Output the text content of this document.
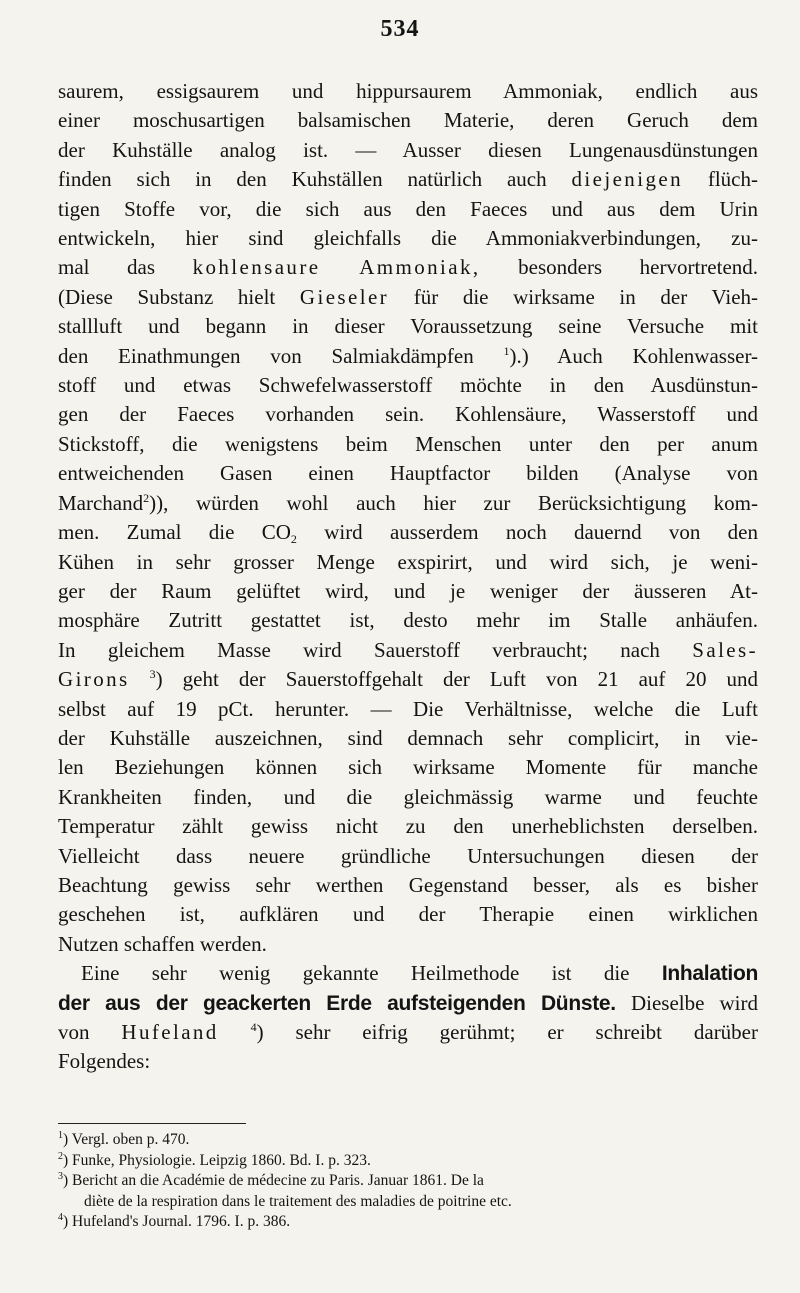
534
saurem, essigsaurem und hippursaurem Ammoniak, endlich aus
einer moschusartigen balsamischen Materie, deren Geruch dem
der Kuhställe analog ist. — Ausser diesen Lungenausdünstungen
finden sich in den Kuhställen natürlich auch diejenigen flüch-
tigen Stoffe vor, die sich aus den Faeces und aus dem Urin
entwickeln, hier sind gleichfalls die Ammoniakverbindungen, zu-
mal das kohlensaure Ammoniak, besonders hervortretend.
(Diese Substanz hielt Gieseler für die wirksame in der Vieh-
stallluft und begann in dieser Voraussetzung seine Versuche mit
den Einathmungen von Salmiakdämpfen $^1$).) Auch Kohlenwasser-
stoff und etwas Schwefelwasserstoff möchte in den Ausdünstun-
gen der Faeces vorhanden sein. Kohlensäure, Wasserstoff und
Stickstoff, die wenigstens beim Menschen unter den per anum
entweichenden Gasen einen Hauptfactor bilden (Analyse von
Marchand$^2$)), würden wohl auch hier zur Berücksichtigung kom-
men. Zumal die $CO_2$ wird ausserdem noch dauernd von den
Kühen in sehr grosser Menge exspirirt, und wird sich, je weni-
ger der Raum gelüftet wird, und je weniger der äusseren At-
mosphäre Zutritt gestattet ist, desto mehr im Stalle anhäufen.
In gleichem Masse wird Sauerstoff verbraucht; nach Sales-
Girons $^3$) geht der Sauerstoffgehalt der Luft von 21 auf 20 und
selbst auf 19 pCt. herunter. — Die Verhältnisse, welche die Luft
der Kuhställe auszeichnen, sind demnach sehr complicirt, in vie-
len Beziehungen können sich wirksame Momente für manche
Krankheiten finden, und die gleichmässig warme und feuchte
Temperatur zählt gewiss nicht zu den unerheblichsten derselben.
Vielleicht dass neuere gründliche Untersuchungen diesen der
Beachtung gewiss sehr werthen Gegenstand besser, als es bisher
geschehen ist, aufklären und der Therapie einen wirklichen
Nutzen schaffen werden.
Eine sehr wenig gekannte Heilmethode ist die Inhalation
der aus der geackerten Erde aufsteigenden Dünste. Dieselbe wird
von Hufeland	$^4$) sehr eifrig gerühmt; er schreibt darüber
Folgendes:
$^1$) Vergl. oben p. 470.
$^2$) Funke, Physiologie. Leipzig 1860. Bd. I. p. 323.
$^3$) Bericht an die Académie de médecine zu Paris. Januar 1861. De la
diète de la respiration dans le traitement des maladies de poitrine etc.
$^4$) Hufeland's Journal. 1796. I. p. 386.
